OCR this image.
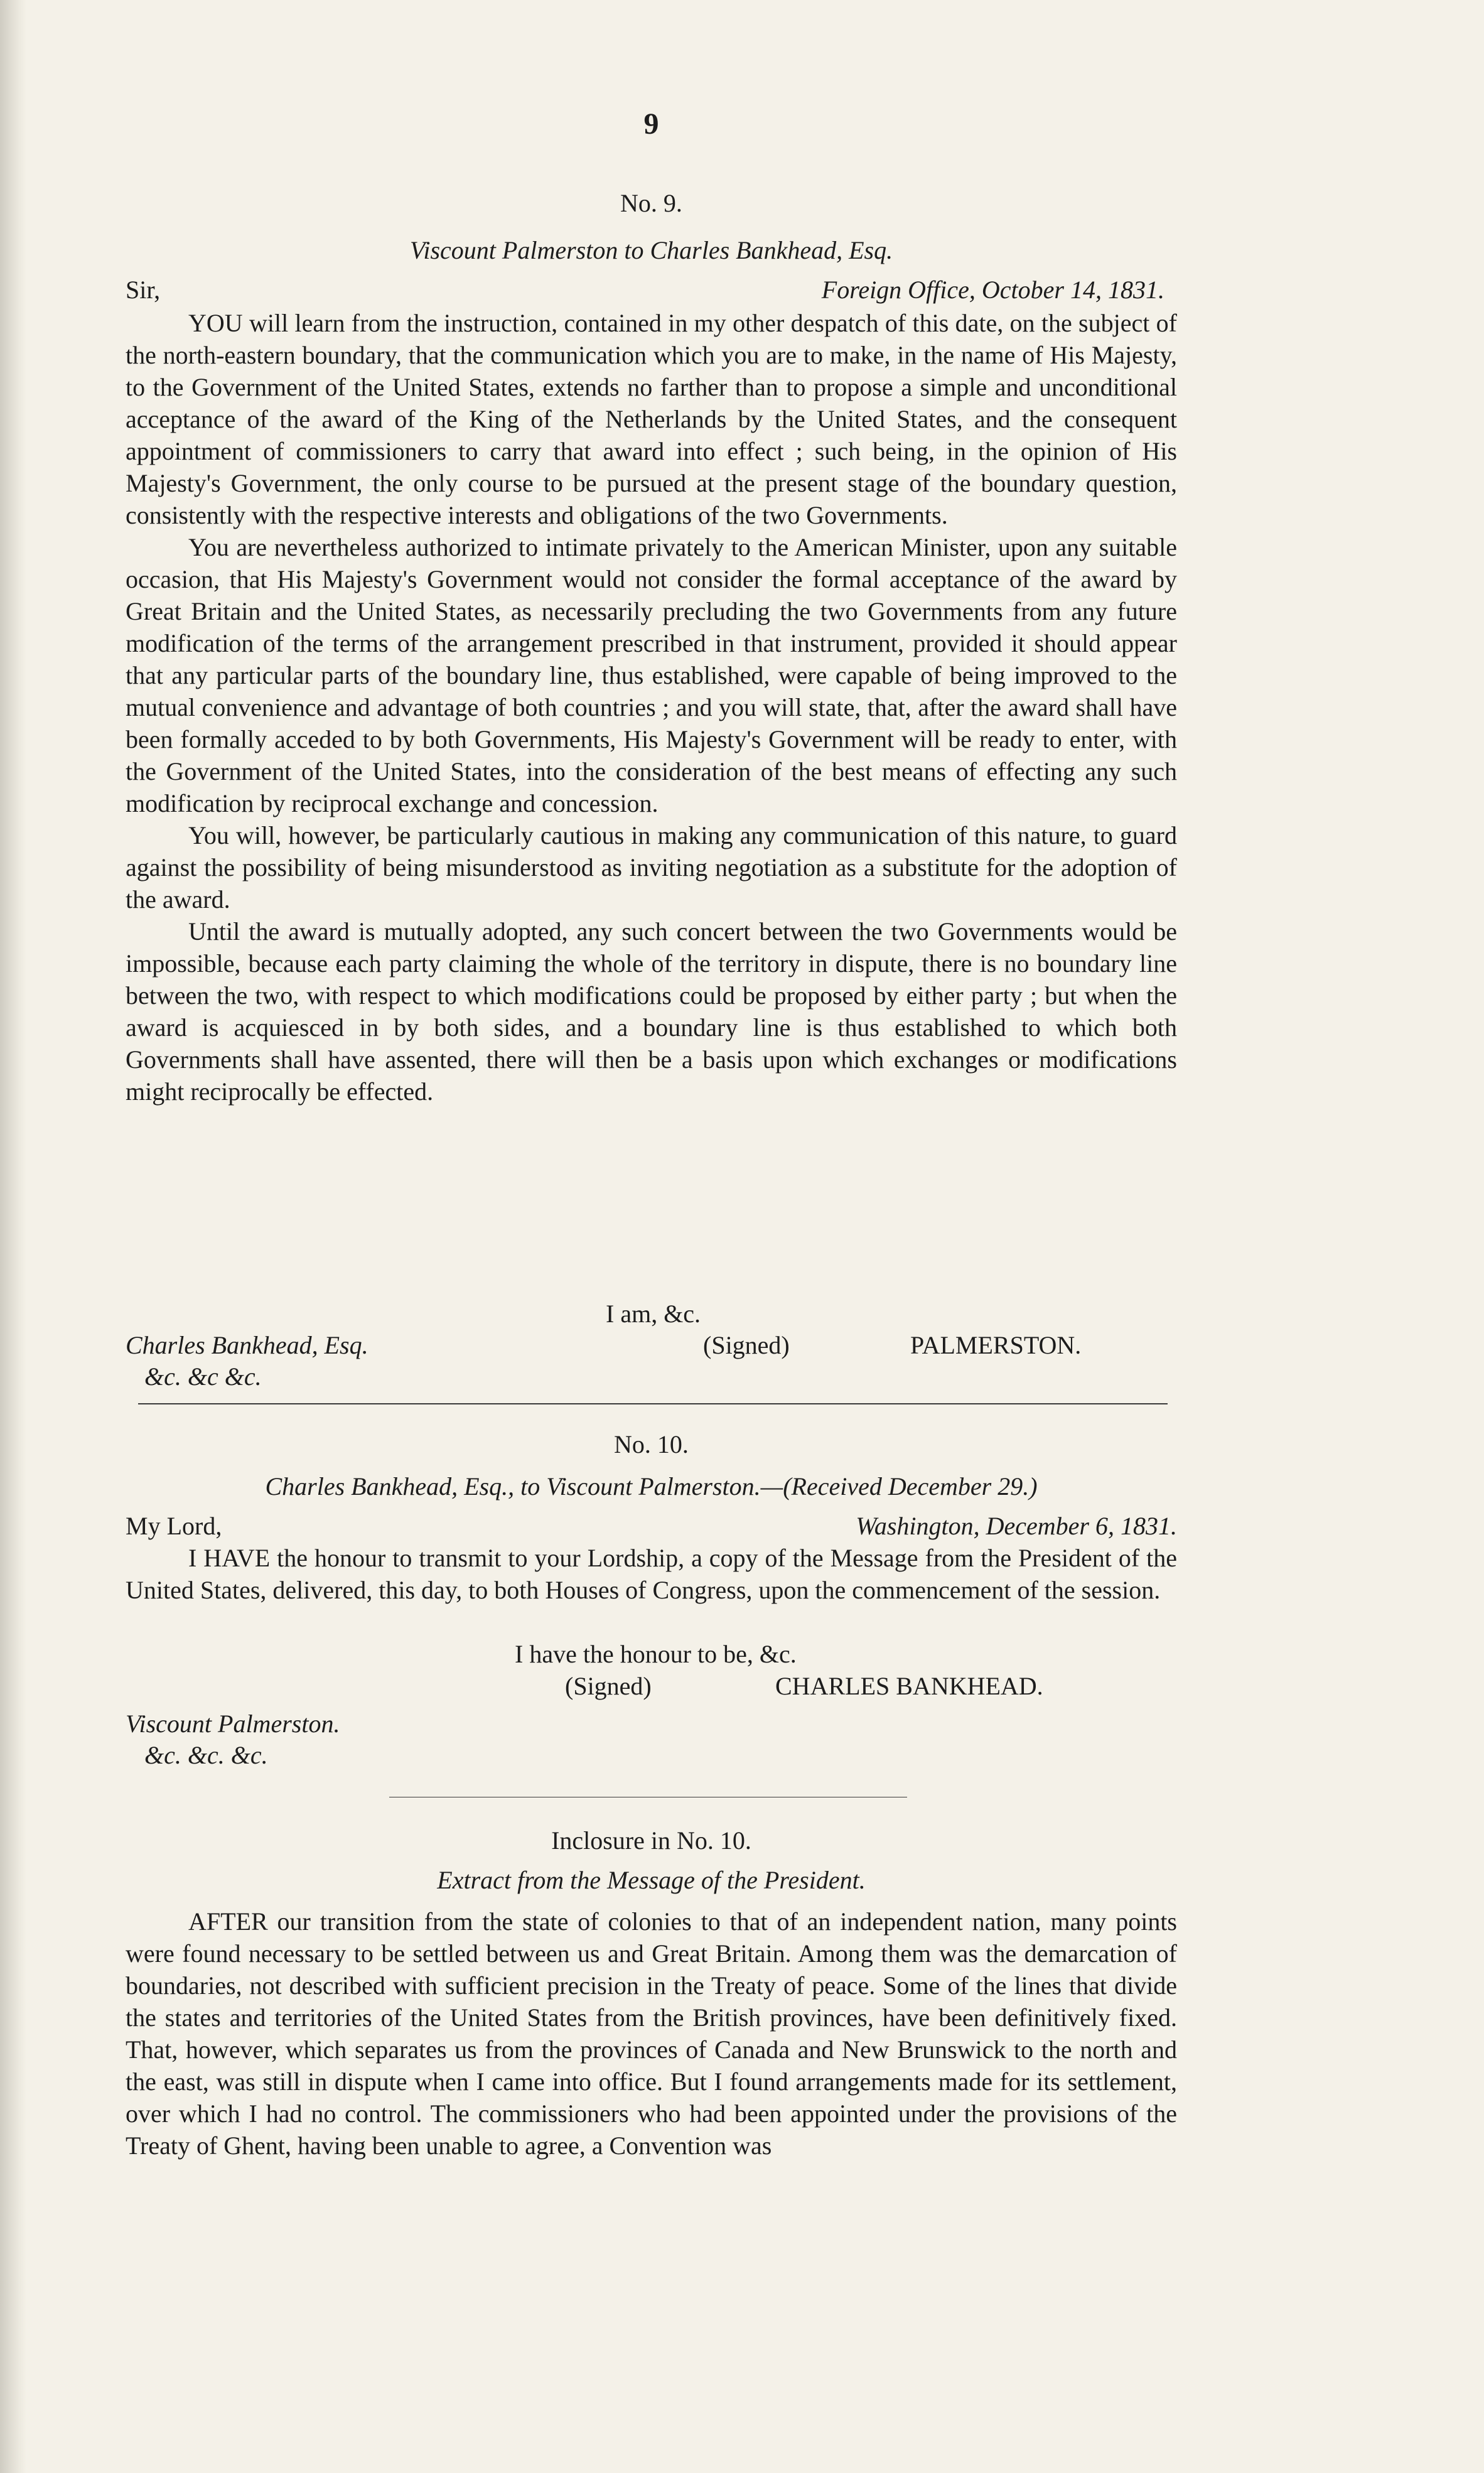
9
No. 9.
Viscount Palmerston to Charles Bankhead, Esq.
Sir,	Foreign Office, October 14, 1831.

YOU will learn from the instruction, contained in my other despatch of this date, on the subject of the north-eastern boundary, that the communication which you are to make, in the name of His Majesty, to the Government of the United States, extends no farther than to propose a simple and unconditional acceptance of the award of the King of the Netherlands by the United States, and the consequent appointment of commissioners to carry that award into effect ; such being, in the opinion of His Majesty's Government, the only course to be pursued at the present stage of the boundary question, consistently with the respective interests and obligations of the two Governments.

You are nevertheless authorized to intimate privately to the American Minister, upon any suitable occasion, that His Majesty's Government would not consider the formal acceptance of the award by Great Britain and the United States, as necessarily precluding the two Governments from any future modification of the terms of the arrangement prescribed in that instrument, provided it should appear that any particular parts of the boundary line, thus established, were capable of being improved to the mutual convenience and advantage of both countries ; and you will state, that, after the award shall have been formally acceded to by both Governments, His Majesty's Government will be ready to enter, with the Government of the United States, into the consideration of the best means of effecting any such modification by reciprocal exchange and concession.

You will, however, be particularly cautious in making any communication of this nature, to guard against the possibility of being misunderstood as inviting negotiation as a substitute for the adoption of the award.

Until the award is mutually adopted, any such concert between the two Governments would be impossible, because each party claiming the whole of the territory in dispute, there is no boundary line between the two, with respect to which modifications could be proposed by either party ; but when the award is acquiesced in by both sides, and a boundary line is thus established to which both Governments shall have assented, there will then be a basis upon which exchanges or modifications might reciprocally be effected.

I am, &c.
Charles Bankhead, Esq.	(Signed)	PALMERSTON.
&c. &c &c.
No. 10.
Charles Bankhead, Esq., to Viscount Palmerston.—(Received December 29.)
My Lord,	Washington, December 6, 1831.

I HAVE the honour to transmit to your Lordship, a copy of the Message from the President of the United States, delivered, this day, to both Houses of Congress, upon the commencement of the session.

I have the honour to be, &c.
(Signed)	CHARLES BANKHEAD.
Viscount Palmerston.
&c. &c. &c.
Inclosure in No. 10.
Extract from the Message of the President.

AFTER our transition from the state of colonies to that of an independent nation, many points were found necessary to be settled between us and Great Britain. Among them was the demarcation of boundaries, not described with sufficient precision in the Treaty of peace. Some of the lines that divide the states and territories of the United States from the British provinces, have been definitively fixed. That, however, which separates us from the provinces of Canada and New Brunswick to the north and the east, was still in dispute when I came into office. But I found arrangements made for its settlement, over which I had no control. The commissioners who had been appointed under the provisions of the Treaty of Ghent, having been unable to agree, a Convention was
